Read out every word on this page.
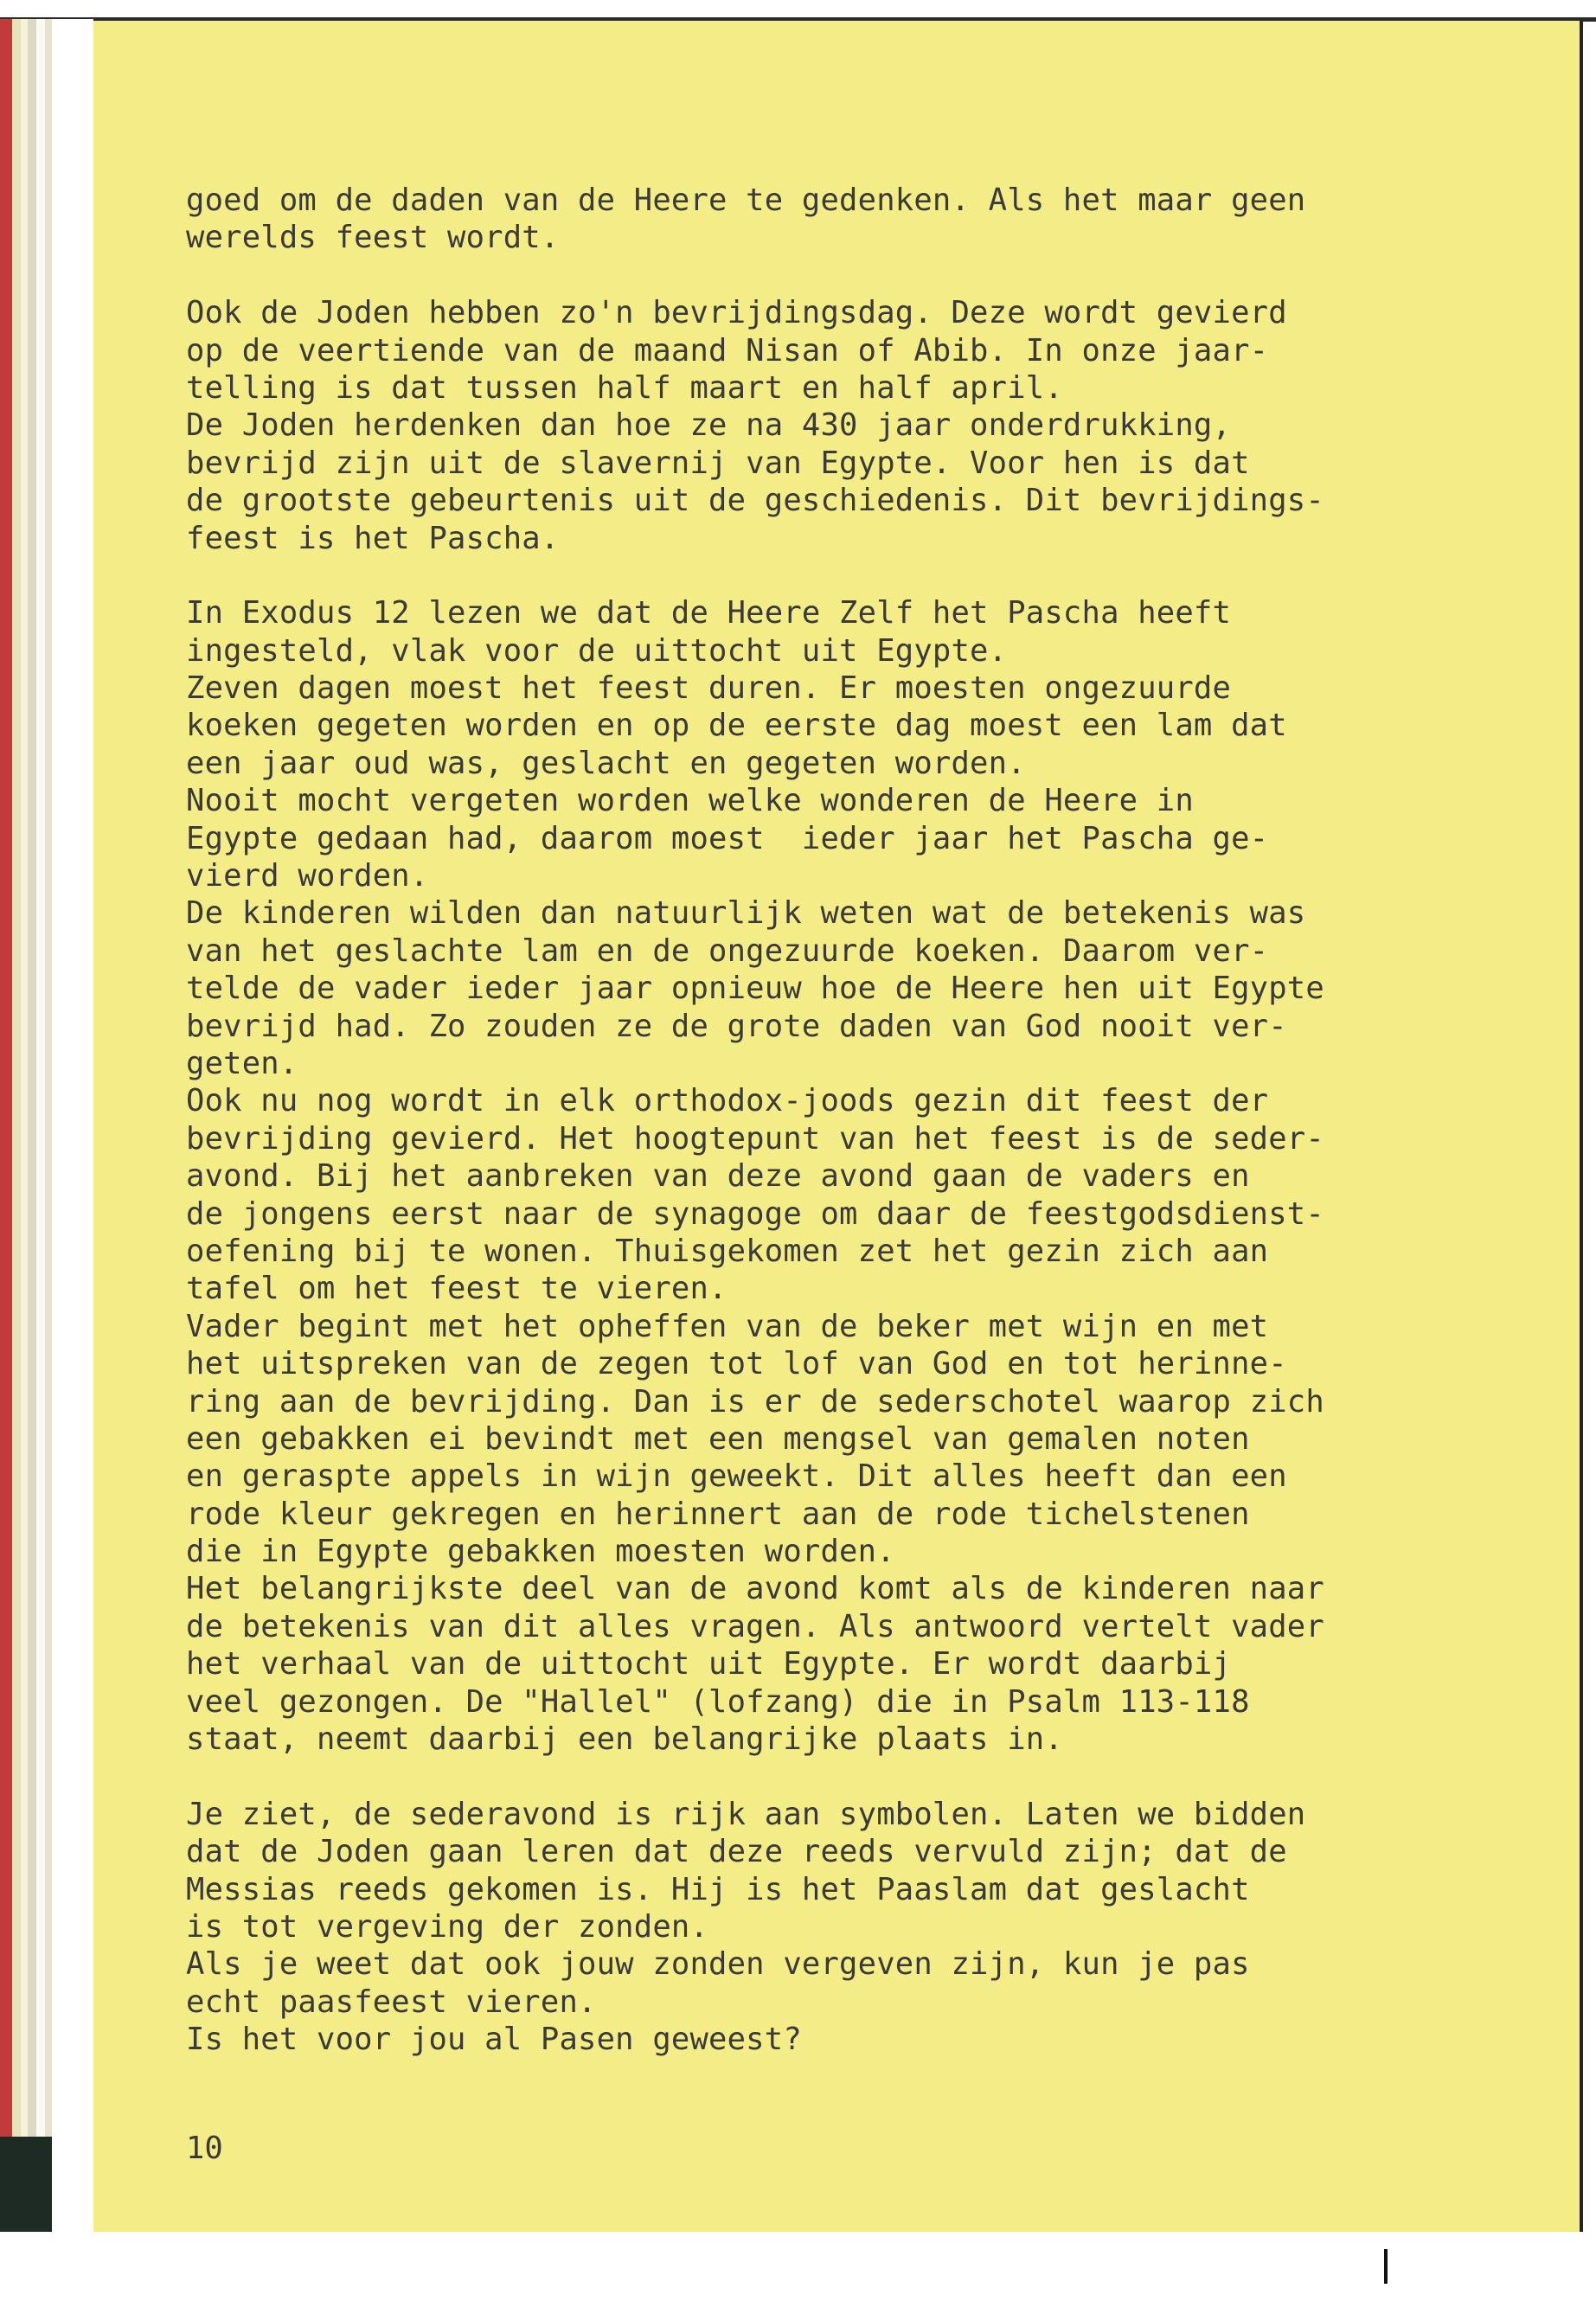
goed om de daden van de Heere te gedenken. Als het maar geen
werelds feest wordt.
Ook de Joden hebben zo'n bevrijdingsdag. Deze wordt gevierd
op de veertiende van de maand Nisan of Abib. In onze jaar-
telling is dat tussen half maart en half april.
De Joden herdenken dan hoe ze na 430 jaar onderdrukking,
bevrijd zijn uit de slavernij van Egypte. Voor hen is dat
de grootste gebeurtenis uit de geschiedenis. Dit bevrijdings-
feest is het Pascha.
In Exodus 12 lezen we dat de Heere Zelf het Pascha heeft
ingesteld, vlak voor de uittocht uit Egypte.
Zeven dagen moest het feest duren. Er moesten ongezuurde
koeken gegeten worden en op de eerste dag moest een lam dat
een jaar oud was, geslacht en gegeten worden.
Nooit mocht vergeten worden welke wonderen de Heere in
Egypte gedaan had, daarom moest  ieder jaar het Pascha ge-
vierd worden.
De kinderen wilden dan natuurlijk weten wat de betekenis was
van het geslachte lam en de ongezuurde koeken. Daarom ver-
telde de vader ieder jaar opnieuw hoe de Heere hen uit Egypte
bevrijd had. Zo zouden ze de grote daden van God nooit ver-
geten.
Ook nu nog wordt in elk orthodox-joods gezin dit feest der
bevrijding gevierd. Het hoogtepunt van het feest is de seder-
avond. Bij het aanbreken van deze avond gaan de vaders en
de jongens eerst naar de synagoge om daar de feestgodsdienst-
oefening bij te wonen. Thuisgekomen zet het gezin zich aan
tafel om het feest te vieren.
Vader begint met het opheffen van de beker met wijn en met
het uitspreken van de zegen tot lof van God en tot herinne-
ring aan de bevrijding. Dan is er de sederschotel waarop zich
een gebakken ei bevindt met een mengsel van gemalen noten
en geraspte appels in wijn geweekt. Dit alles heeft dan een
rode kleur gekregen en herinnert aan de rode tichelstenen
die in Egypte gebakken moesten worden.
Het belangrijkste deel van de avond komt als de kinderen naar
de betekenis van dit alles vragen. Als antwoord vertelt vader
het verhaal van de uittocht uit Egypte. Er wordt daarbij
veel gezongen. De "Hallel" (lofzang) die in Psalm 113-118
staat, neemt daarbij een belangrijke plaats in.
Je ziet, de sederavond is rijk aan symbolen. Laten we bidden
dat de Joden gaan leren dat deze reeds vervuld zijn; dat de
Messias reeds gekomen is. Hij is het Paaslam dat geslacht
is tot vergeving der zonden.
Als je weet dat ook jouw zonden vergeven zijn, kun je pas
echt paasfeest vieren.
Is het voor jou al Pasen geweest?
10
